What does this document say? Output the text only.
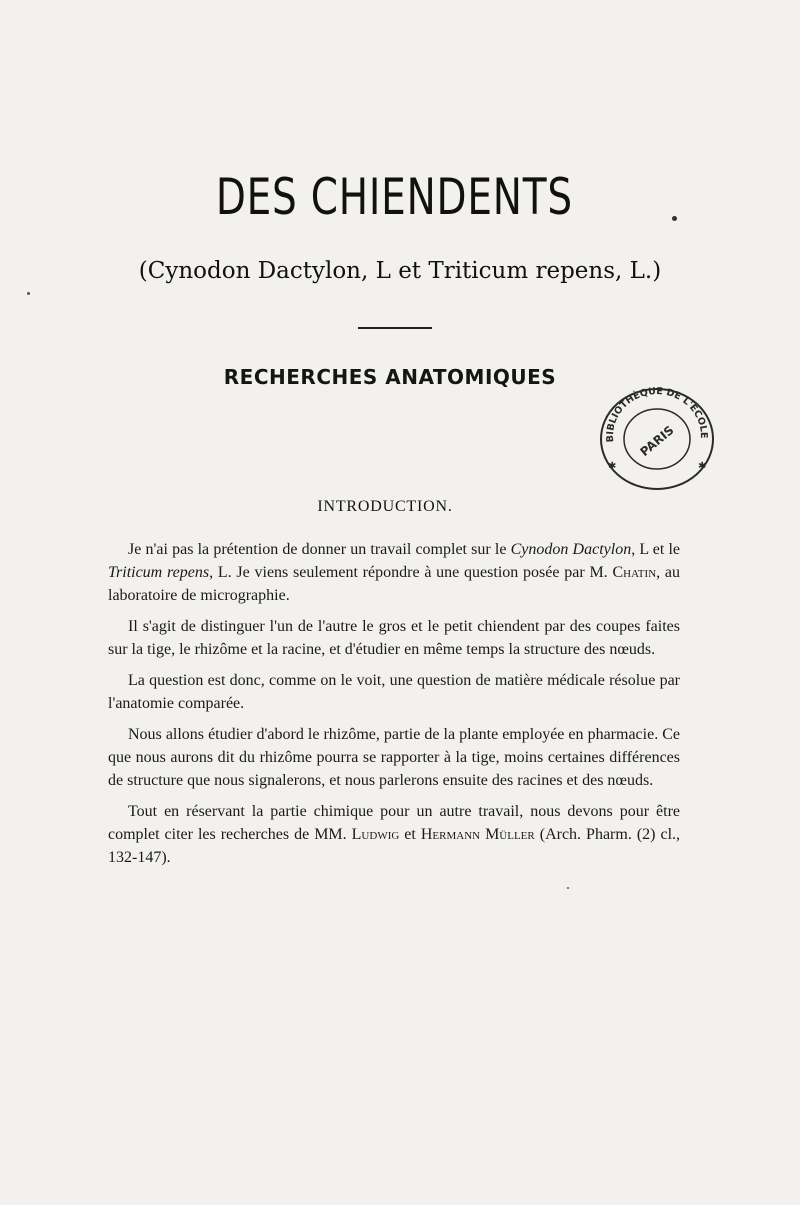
DES CHIENDENTS
(Cynodon Dactylon, L et Triticum repens, L.)
RECHERCHES ANATOMIQUES
BIBLIOTHÈQUE DE L'ÉCOLE
PARIS
✱
✱
INTRODUCTION.

Je n'ai pas la prétention de donner un travail complet sur le Cynodon Dactylon, L et le Triticum repens, L. Je viens seulement répondre à une question posée par M. Chatin, au laboratoire de micrographie.

Il s'agit de distinguer l'un de l'autre le gros et le petit chiendent par des coupes faites sur la tige, le rhizôme et la racine, et d'étudier en même temps la structure des nœuds.

La question est donc, comme on le voit, une question de matière médicale résolue par l'anatomie comparée.

Nous allons étudier d'abord le rhizôme, partie de la plante employée en pharmacie. Ce que nous aurons dit du rhizôme pourra se rapporter à la tige, moins certaines différences de structure que nous signalerons, et nous parlerons ensuite des racines et des nœuds.

Tout en réservant la partie chimique pour un autre travail, nous devons pour être complet citer les recherches de MM. Ludwig et Hermann Müller (Arch. Pharm. (2) cl., 132-147).
